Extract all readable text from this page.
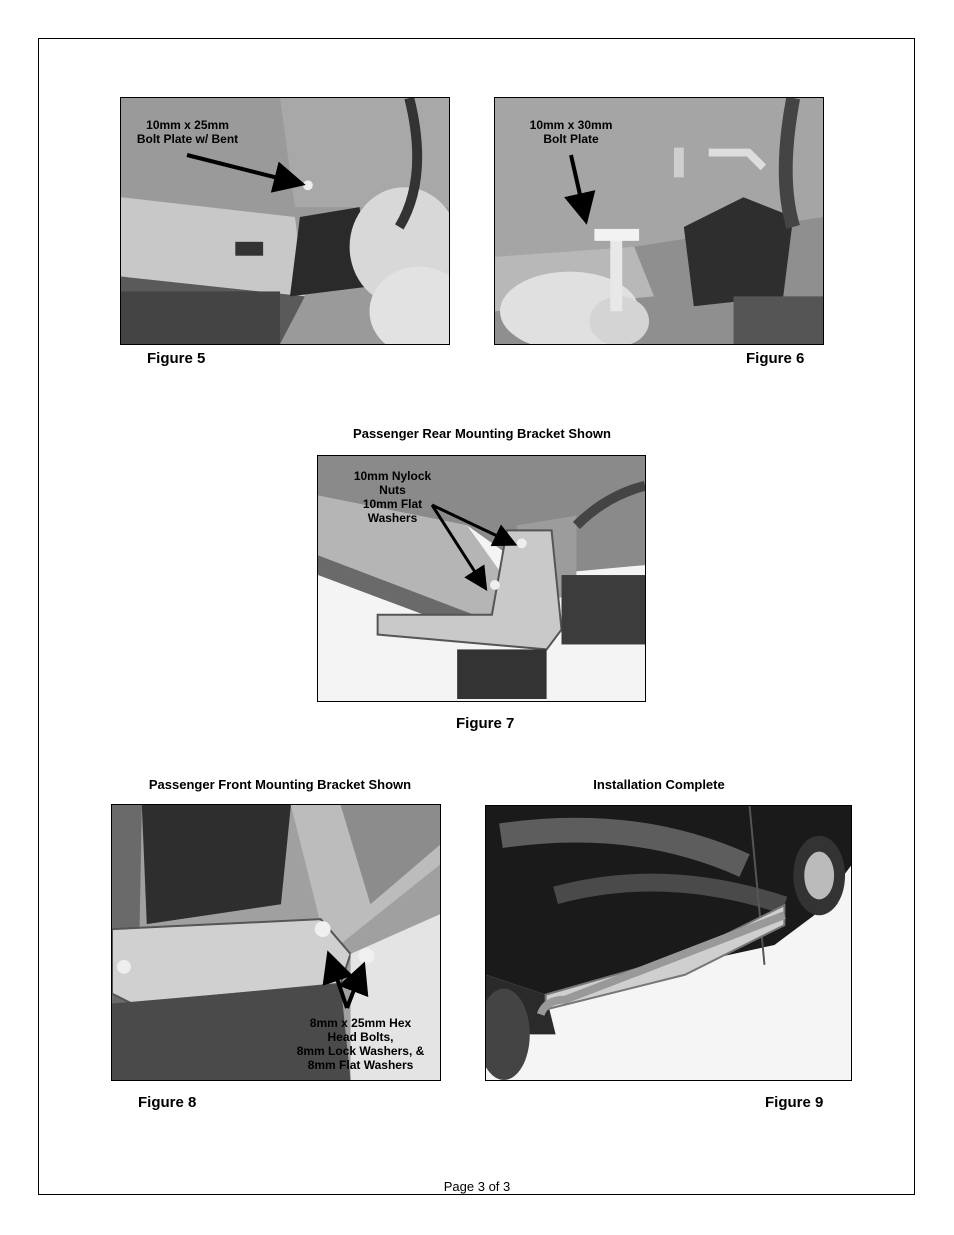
10mm x 25mm
Bolt Plate w/ Bent
Figure 5
10mm x 30mm
Bolt Plate
Figure 6
Passenger Rear Mounting Bracket Shown
10mm Nylock
Nuts
10mm Flat
Washers
Figure 7
Passenger Front Mounting Bracket Shown
8mm x 25mm Hex
Head Bolts,
8mm Lock Washers, &
8mm Flat Washers
Figure 8
Installation Complete
Figure 9
Page 3 of 3
